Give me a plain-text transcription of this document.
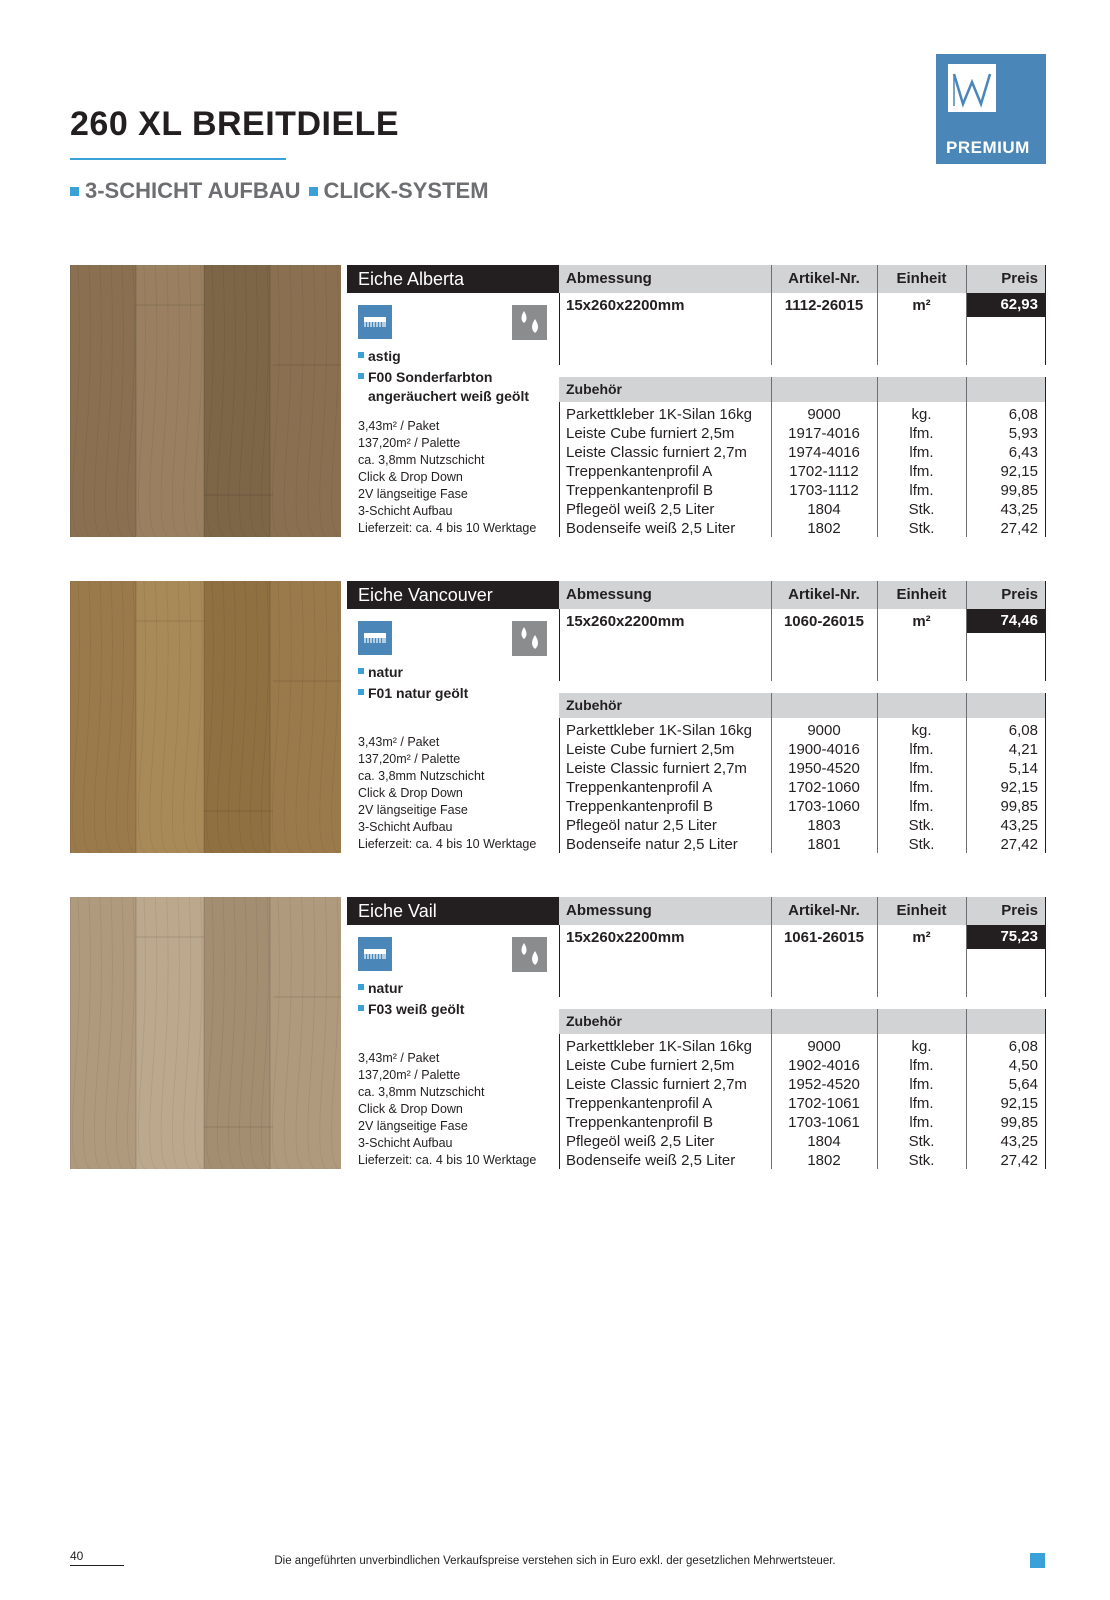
260 XL BREITDIELE
3-SCHICHT AUFBAU CLICK-SYSTEM
PREMIUM
Eiche Alberta
astig
F00 Sonderfarbton
angeräuchert weiß geölt
3,43m² / Paket
137,20m² / Palette
ca. 3,8mm Nutzschicht
Click & Drop Down
2V längseitige Fase
3-Schicht Aufbau
Lieferzeit: ca. 4 bis 10 Werktage
Abmessung	Artikel-Nr.	Einheit	Preis
15x260x2200mm	1112-26015	m²	62,93
Zubehör
Parkettkleber 1K-Silan 16kg	9000	kg.	6,08
Leiste Cube furniert 2,5m	1917-4016	lfm.	5,93
Leiste Classic furniert 2,7m	1974-4016	lfm.	6,43
Treppenkantenprofil A	1702-1112	lfm.	92,15
Treppenkantenprofil B	1703-1112	lfm.	99,85
Pflegeöl weiß 2,5 Liter	1804	Stk.	43,25
Bodenseife weiß 2,5 Liter	1802	Stk.	27,42
Eiche Vancouver
natur
F01 natur geölt
3,43m² / Paket
137,20m² / Palette
ca. 3,8mm Nutzschicht
Click & Drop Down
2V längseitige Fase
3-Schicht Aufbau
Lieferzeit: ca. 4 bis 10 Werktage
Abmessung	Artikel-Nr.	Einheit	Preis
15x260x2200mm	1060-26015	m²	74,46
Zubehör
Parkettkleber 1K-Silan 16kg	9000	kg.	6,08
Leiste Cube furniert 2,5m	1900-4016	lfm.	4,21
Leiste Classic furniert 2,7m	1950-4520	lfm.	5,14
Treppenkantenprofil A	1702-1060	lfm.	92,15
Treppenkantenprofil B	1703-1060	lfm.	99,85
Pflegeöl natur 2,5 Liter	1803	Stk.	43,25
Bodenseife natur 2,5 Liter	1801	Stk.	27,42
Eiche Vail
natur
F03 weiß geölt
3,43m² / Paket
137,20m² / Palette
ca. 3,8mm Nutzschicht
Click & Drop Down
2V längseitige Fase
3-Schicht Aufbau
Lieferzeit: ca. 4 bis 10 Werktage
Abmessung	Artikel-Nr.	Einheit	Preis
15x260x2200mm	1061-26015	m²	75,23
Zubehör
Parkettkleber 1K-Silan 16kg	9000	kg.	6,08
Leiste Cube furniert 2,5m	1902-4016	lfm.	4,50
Leiste Classic furniert 2,7m	1952-4520	lfm.	5,64
Treppenkantenprofil A	1702-1061	lfm.	92,15
Treppenkantenprofil B	1703-1061	lfm.	99,85
Pflegeöl weiß 2,5 Liter	1804	Stk.	43,25
Bodenseife weiß 2,5 Liter	1802	Stk.	27,42
40	Die angeführten unverbindlichen Verkaufspreise verstehen sich in Euro exkl. der gesetzlichen Mehrwertsteuer.
